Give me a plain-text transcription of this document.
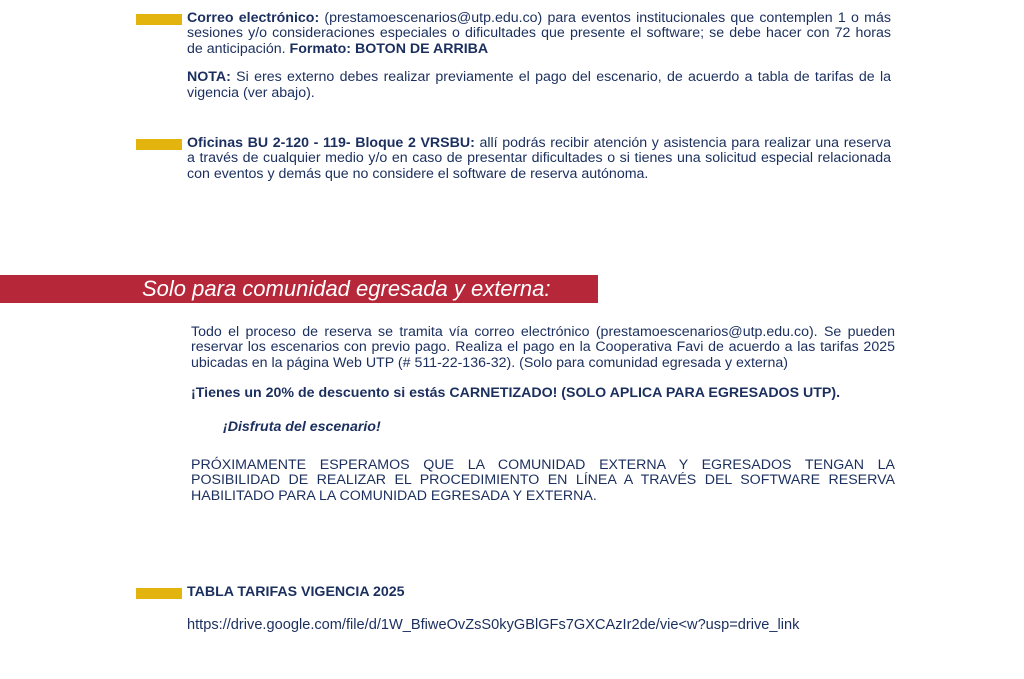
Correo electrónico: (prestamoescenarios@utp.edu.co) para eventos institucionales que contemplen 1 o más sesiones y/o consideraciones especiales o dificultades que presente el software; se debe hacer con 72 horas de anticipación. Formato: BOTON DE ARRIBA

NOTA: Si eres externo debes realizar previamente el pago del escenario, de acuerdo a tabla de tarifas de la vigencia (ver abajo).

Oficinas BU 2-120 - 119- Bloque 2 VRSBU: allí podrás recibir atención y asistencia para realizar una reserva a través de cualquier medio y/o en caso de presentar dificultades o si tienes una solicitud especial relacionada con eventos y demás que no considere el software de reserva autónoma.

Solo para comunidad egresada y externa:

Todo el proceso de reserva se tramita vía correo electrónico (prestamoescenarios@utp.edu.co). Se pueden reservar los escenarios con previo pago. Realiza el pago en la Cooperativa Favi de acuerdo a las tarifas 2025 ubicadas en la página Web UTP (# 511-22-136-32). (Solo para comunidad egresada y externa)

¡Tienes un 20% de descuento si estás CARNETIZADO! (SOLO APLICA PARA EGRESADOS UTP).

¡Disfruta del escenario!

PRÓXIMAMENTE ESPERAMOS QUE LA COMUNIDAD EXTERNA Y EGRESADOS TENGAN LA POSIBILIDAD DE REALIZAR EL PROCEDIMIENTO EN LÍNEA A TRAVÉS DEL SOFTWARE RESERVA HABILITADO PARA LA COMUNIDAD EGRESADA Y EXTERNA.

TABLA TARIFAS VIGENCIA 2025
https://drive.google.com/file/d/1W_BfiweOvZsS0kyGBlGFs7GXCAzIr2de/vie<w?usp=drive_link
